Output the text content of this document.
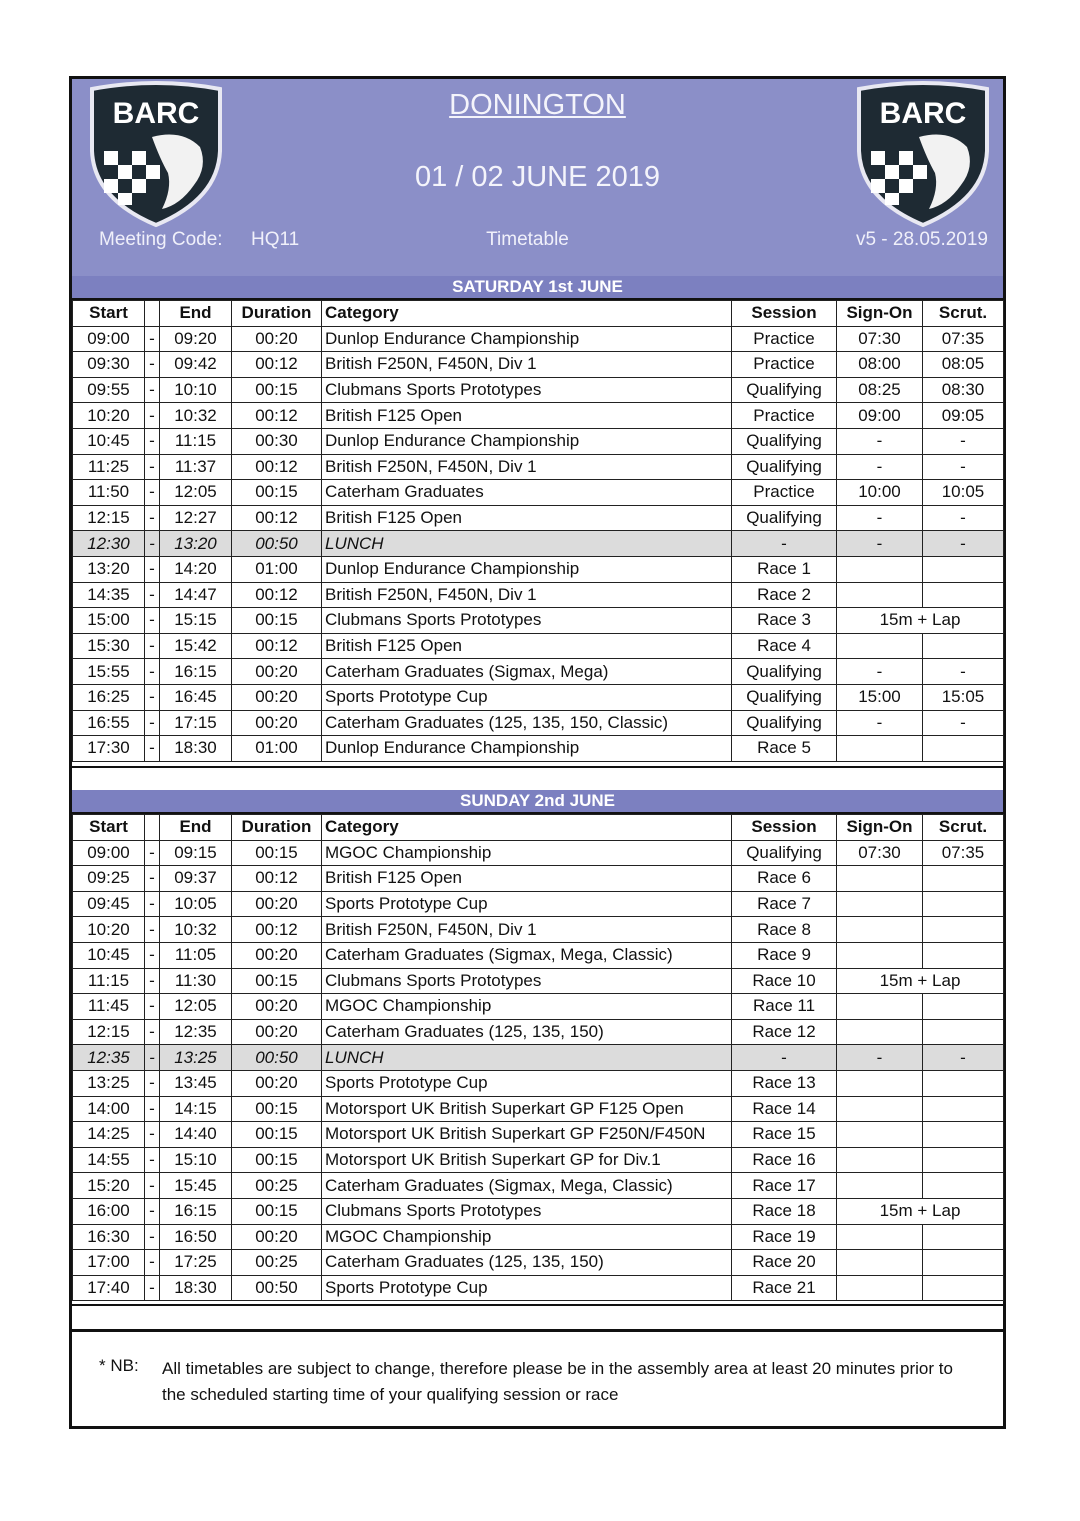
BARC	BARC
DONINGTON
01 / 02 JUNE 2019
Meeting Code: HQ11	Timetable	v5 - 28.05.2019
SATURDAY 1st JUNE
Start		End	Duration	Category	Session	Sign-On	Scrut.
09:00	-	09:20	00:20	Dunlop Endurance Championship	Practice	07:30	07:35
09:30	-	09:42	00:12	British F250N, F450N, Div 1	Practice	08:00	08:05
09:55	-	10:10	00:15	Clubmans Sports Prototypes	Qualifying	08:25	08:30
10:20	-	10:32	00:12	British F125 Open	Practice	09:00	09:05
10:45	-	11:15	00:30	Dunlop Endurance Championship	Qualifying	-	-
11:25	-	11:37	00:12	British F250N, F450N, Div 1	Qualifying	-	-
11:50	-	12:05	00:15	Caterham Graduates	Practice	10:00	10:05
12:15	-	12:27	00:12	British F125 Open	Qualifying	-	-
12:30	-	13:20	00:50	LUNCH	-	-	-
13:20	-	14:20	01:00	Dunlop Endurance Championship	Race 1		
14:35	-	14:47	00:12	British F250N, F450N, Div 1	Race 2		
15:00	-	15:15	00:15	Clubmans Sports Prototypes	Race 3	15m + Lap	
15:30	-	15:42	00:12	British F125 Open	Race 4		
15:55	-	16:15	00:20	Caterham Graduates (Sigmax, Mega)	Qualifying	-	-
16:25	-	16:45	00:20	Sports Prototype Cup	Qualifying	15:00	15:05
16:55	-	17:15	00:20	Caterham Graduates (125, 135, 150, Classic)	Qualifying	-	-
17:30	-	18:30	01:00	Dunlop Endurance Championship	Race 5		
SUNDAY 2nd JUNE
Start		End	Duration	Category	Session	Sign-On	Scrut.
09:00	-	09:15	00:15	MGOC Championship	Qualifying	07:30	07:35
09:25	-	09:37	00:12	British F125 Open	Race 6		
09:45	-	10:05	00:20	Sports Prototype Cup	Race 7		
10:20	-	10:32	00:12	British F250N, F450N, Div 1	Race 8		
10:45	-	11:05	00:20	Caterham Graduates (Sigmax, Mega, Classic)	Race 9		
11:15	-	11:30	00:15	Clubmans Sports Prototypes	Race 10	15m + Lap	
11:45	-	12:05	00:20	MGOC Championship	Race 11		
12:15	-	12:35	00:20	Caterham Graduates (125, 135, 150)	Race 12		
12:35	-	13:25	00:50	LUNCH	-	-	-
13:25	-	13:45	00:20	Sports Prototype Cup	Race 13		
14:00	-	14:15	00:15	Motorsport UK British Superkart GP F125 Open	Race 14		
14:25	-	14:40	00:15	Motorsport UK British Superkart GP F250N/F450N	Race 15		
14:55	-	15:10	00:15	Motorsport UK British Superkart GP for Div.1	Race 16		
15:20	-	15:45	00:25	Caterham Graduates (Sigmax, Mega, Classic)	Race 17		
16:00	-	16:15	00:15	Clubmans Sports Prototypes	Race 18	15m + Lap	
16:30	-	16:50	00:20	MGOC Championship	Race 19		
17:00	-	17:25	00:25	Caterham Graduates (125, 135, 150)	Race 20		
17:40	-	18:30	00:50	Sports Prototype Cup	Race 21		
* NB: All timetables are subject to change, therefore please be in the assembly area at least 20 minutes prior to the scheduled starting time of your qualifying session or race
